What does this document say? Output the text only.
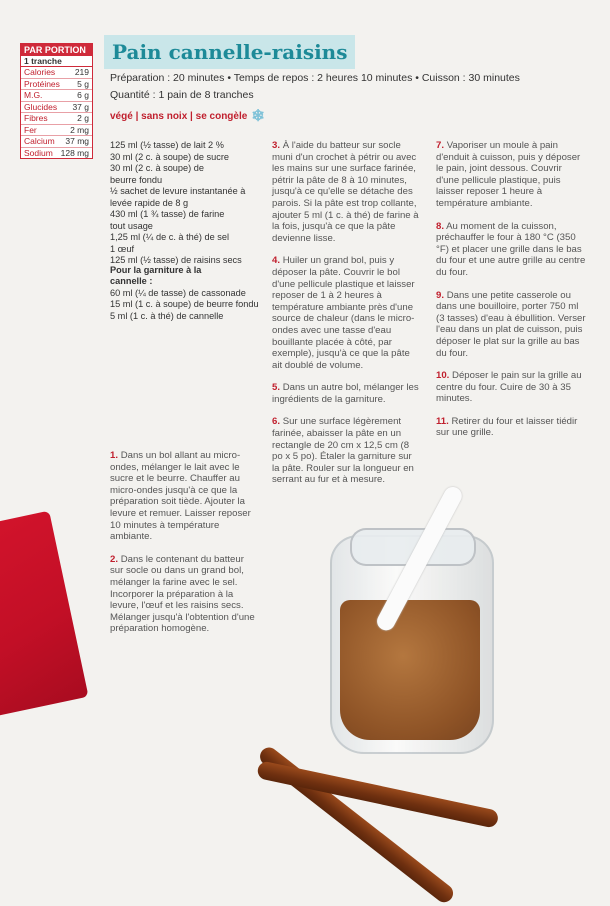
PAR PORTION
1 tranche
Calories 219
Protéines 5 g
M.G.	6 g
Glucides 37 g
Fibres	2 g
Fer	2 mg
Calcium 37 mg
Sodium 128 mg
Pain cannelle-raisins

Préparation : 20 minutes • Temps de repos : 2 heures 10 minutes • Cuisson : 30 minutes

Quantité : 1 pain de 8 tranches

végé | sans noix | se congèle ❄

125 ml (½ tasse) de lait 2 %

30 ml (2 c. à soupe) de sucre

30 ml (2 c. à soupe) de beurre fondu

½ sachet de levure instantanée à levée rapide de 8 g

430 ml (1 ¾ tasse) de farine tout usage

1,25 ml (¼ de c. à thé) de sel

1 œuf

125 ml (½ tasse) de raisins secs

Pour la garniture à la cannelle :

60 ml (¼ de tasse) de cassonade

15 ml (1 c. à soupe) de beurre fondu

5 ml (1 c. à thé) de cannelle

1. Dans un bol allant au micro-ondes, mélanger le lait avec le sucre et le beurre. Chauffer au micro-ondes jusqu'à ce que la préparation soit tiède. Ajouter la levure et remuer. Laisser reposer 10 minutes à température ambiante.

2. Dans le contenant du batteur sur socle ou dans un grand bol, mélanger la farine avec le sel. Incorporer la préparation à la levure, l'œuf et les raisins secs. Mélanger jusqu'à l'obtention d'une préparation homogène.

3. À l'aide du batteur sur socle muni d'un crochet à pétrir ou avec les mains sur une surface farinée, pétrir la pâte de 8 à 10 minutes, jusqu'à ce qu'elle se détache des parois. Si la pâte est trop collante, ajouter 5 ml (1 c. à thé) de farine à la fois, jusqu'à ce que la pâte devienne lisse.

4. Huiler un grand bol, puis y déposer la pâte. Couvrir le bol d'une pellicule plastique et laisser reposer de 1 à 2 heures à température ambiante près d'une source de chaleur (dans le micro-ondes avec une tasse d'eau bouillante placée à côté, par exemple), jusqu'à ce que la pâte ait doublé de volume.

5. Dans un autre bol, mélanger les ingrédients de la garniture.

6. Sur une surface légèrement farinée, abaisser la pâte en un rectangle de 20 cm x 12,5 cm (8 po x 5 po). Étaler la garniture sur la pâte. Rouler sur la longueur en serrant au fur et à mesure.

7. Vaporiser un moule à pain d'enduit à cuisson, puis y déposer le pain, joint dessous. Couvrir d'une pellicule plastique, puis laisser reposer 1 heure à température ambiante.

8. Au moment de la cuisson, préchauffer le four à 180 °C (350 °F) et placer une grille dans le bas du four et une autre grille au centre du four.

9. Dans une petite casserole ou dans une bouilloire, porter 750 ml (3 tasses) d'eau à ébullition. Verser l'eau dans un plat de cuisson, puis déposer le plat sur la grille au bas du four.

10. Déposer le pain sur la grille au centre du four. Cuire de 30 à 35 minutes.

11. Retirer du four et laisser tiédir sur une grille.
